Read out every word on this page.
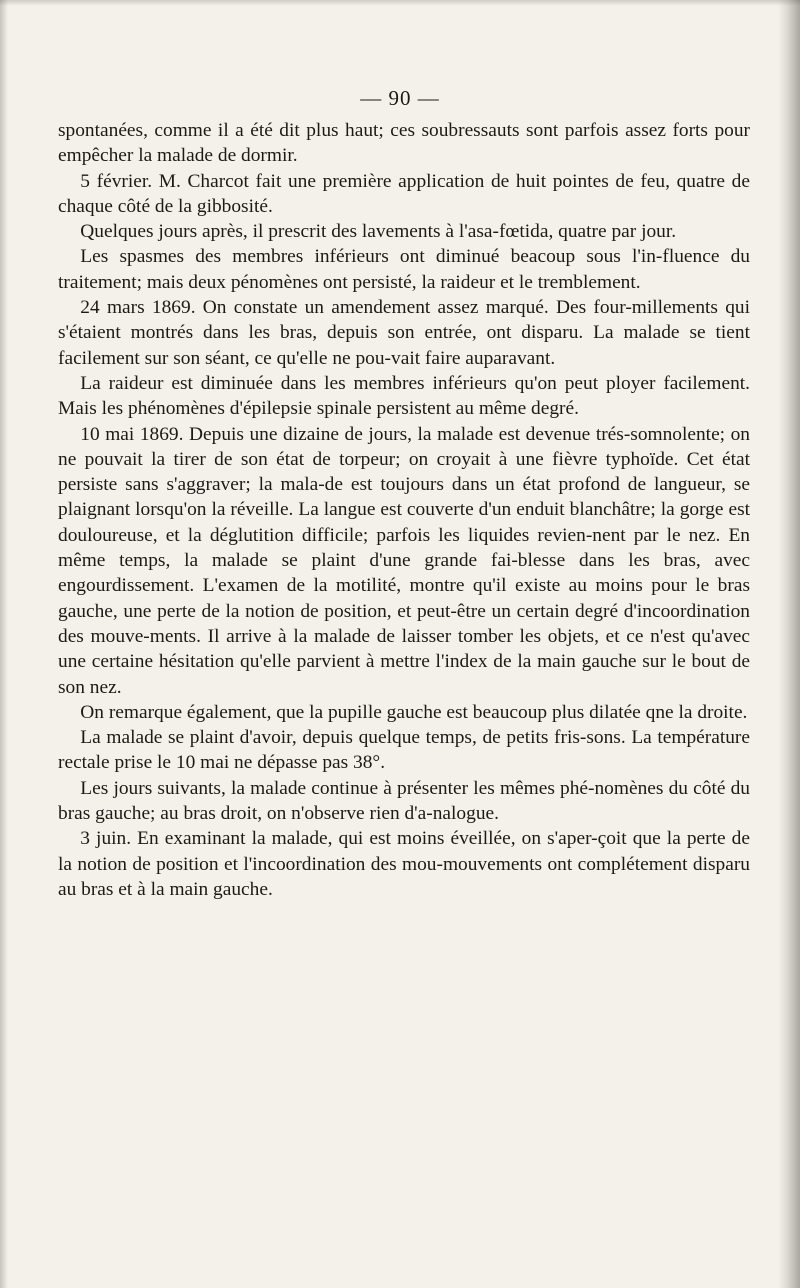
— 90 —

spontanées, comme il a été dit plus haut; ces soubressauts sont parfois assez forts pour empêcher la malade de dormir.

5 février. M. Charcot fait une première application de huit pointes de feu, quatre de chaque côté de la gibbosité.

Quelques jours après, il prescrit des lavements à l'asa-fœtida, quatre par jour.

Les spasmes des membres inférieurs ont diminué beacoup sous l'in-fluence du traitement; mais deux pénomènes ont persisté, la raideur et le tremblement.

24 mars 1869. On constate un amendement assez marqué. Des four-millements qui s'étaient montrés dans les bras, depuis son entrée, ont disparu. La malade se tient facilement sur son séant, ce qu'elle ne pou-vait faire auparavant.

La raideur est diminuée dans les membres inférieurs qu'on peut ployer facilement. Mais les phénomènes d'épilepsie spinale persistent au même degré.

10 mai 1869. Depuis une dizaine de jours, la malade est devenue trés-somnolente; on ne pouvait la tirer de son état de torpeur; on croyait à une fièvre typhoïde. Cet état persiste sans s'aggraver; la mala-de est toujours dans un état profond de langueur, se plaignant lorsqu'on la réveille. La langue est couverte d'un enduit blanchâtre; la gorge est douloureuse, et la déglutition difficile; parfois les liquides revien-nent par le nez. En même temps, la malade se plaint d'une grande fai-blesse dans les bras, avec engourdissement. L'examen de la motilité, montre qu'il existe au moins pour le bras gauche, une perte de la notion de position, et peut-être un certain degré d'incoordination des mouve-ments. Il arrive à la malade de laisser tomber les objets, et ce n'est qu'avec une certaine hésitation qu'elle parvient à mettre l'index de la main gauche sur le bout de son nez.

On remarque également, que la pupille gauche est beaucoup plus dilatée qne la droite.

La malade se plaint d'avoir, depuis quelque temps, de petits fris-sons. La température rectale prise le 10 mai ne dépasse pas 38°.

Les jours suivants, la malade continue à présenter les mêmes phé-nomènes du côté du bras gauche; au bras droit, on n'observe rien d'a-nalogue.

3 juin. En examinant la malade, qui est moins éveillée, on s'aper-çoit que la perte de la notion de position et l'incoordination des mou-mouvements ont complétement disparu au bras et à la main gauche.
